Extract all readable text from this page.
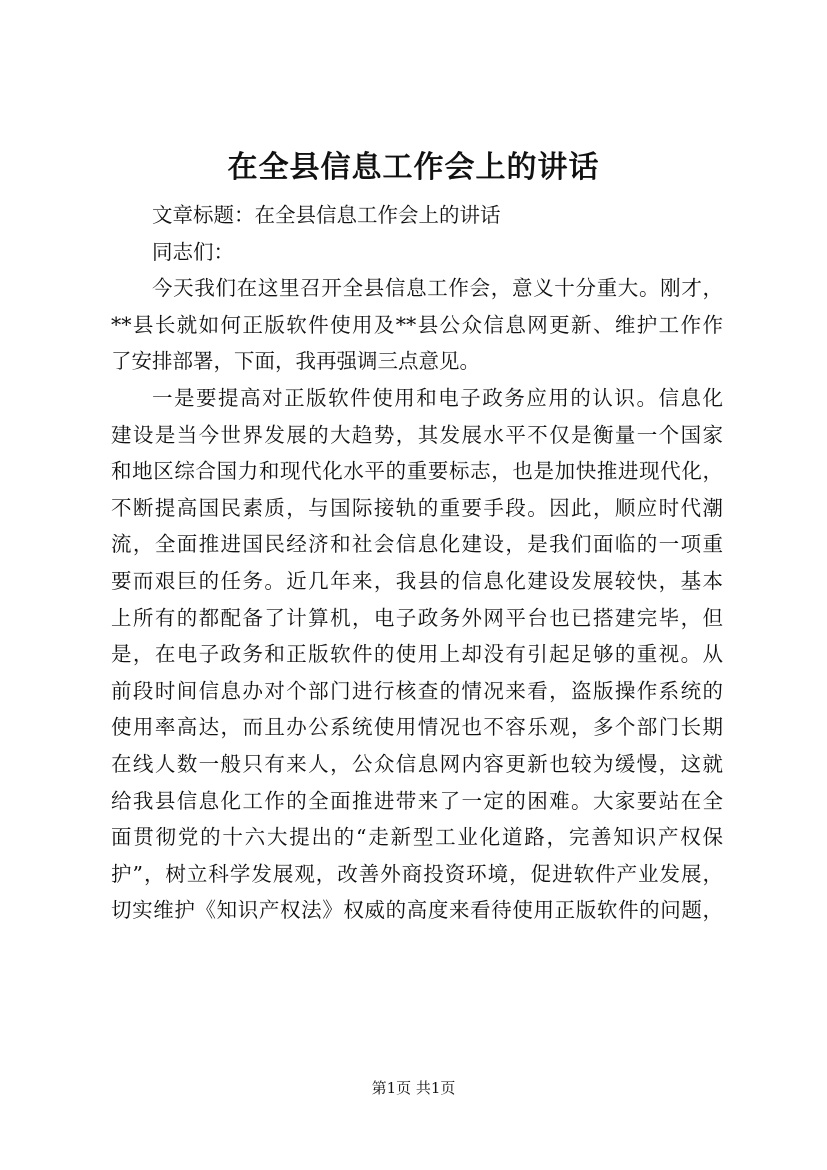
在全县信息工作会上的讲话
文章标题：在全县信息工作会上的讲话
同志们：
今天我们在这里召开全县信息工作会，意义十分重大。刚才，
**县长就如何正版软件使用及**县公众信息网更新、维护工作作
了安排部署，下面，我再强调三点意见。
一是要提高对正版软件使用和电子政务应用的认识。信息化
建设是当今世界发展的大趋势，其发展水平不仅是衡量一个国家
和地区综合国力和现代化水平的重要标志，也是加快推进现代化，
不断提高国民素质，与国际接轨的重要手段。因此，顺应时代潮
流，全面推进国民经济和社会信息化建设，是我们面临的一项重
要而艰巨的任务。近几年来，我县的信息化建设发展较快，基本
上所有的都配备了计算机，电子政务外网平台也已搭建完毕，但
是，在电子政务和正版软件的使用上却没有引起足够的重视。从
前段时间信息办对个部门进行核查的情况来看，盗版操作系统的
使用率高达，而且办公系统使用情况也不容乐观，多个部门长期
在线人数一般只有来人，公众信息网内容更新也较为缓慢，这就
给我县信息化工作的全面推进带来了一定的困难。大家要站在全
面贯彻党的十六大提出的“走新型工业化道路，完善知识产权保
护”，树立科学发展观，改善外商投资环境，促进软件产业发展，
切实维护《知识产权法》权威的高度来看待使用正版软件的问题，
第1页 共1页
